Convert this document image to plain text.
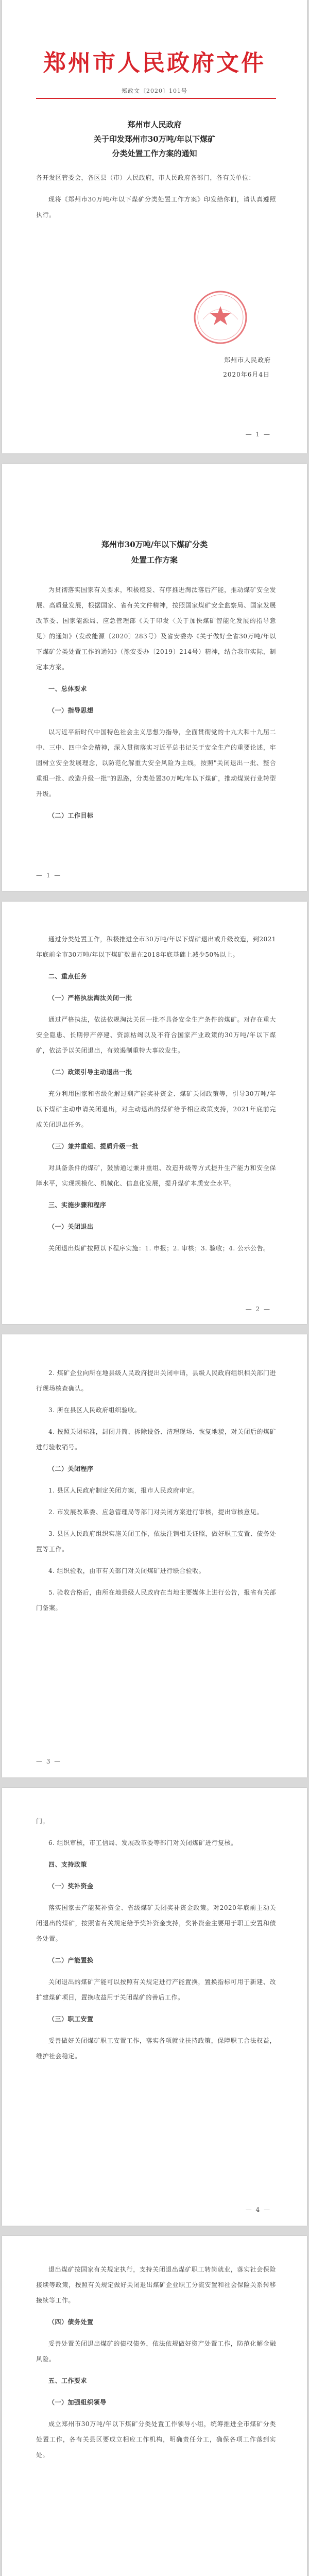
郑州市人民政府文件
郑政文〔2020〕101号
郑州市人民政府
关于印发郑州市30万吨/年以下煤矿
分类处置工作方案的通知

各开发区管委会，各区县（市）人民政府，市人民政府各部门，各有关单位：

现将《郑州市30万吨/年以下煤矿分类处置工作方案》印发给你们，请认真遵照执行。

郑州市人民政府
2020年6月4日
— 1 —
郑州市30万吨/年以下煤矿分类
处置工作方案

为贯彻落实国家有关要求，积极稳妥、有序推进淘汰落后产能，推动煤矿安全发展、高质量发展，根据国家、省有关文件精神，按照国家煤矿安全监察局、国家发展改革委、国家能源局、应急管理部《关于印发〈关于加快煤矿智能化发展的指导意见〉的通知》（发改能源〔2020〕283号）及省安委办《关于做好全省30万吨/年以下煤矿分类处置工作的通知》（豫安委办〔2019〕214号）精神，结合我市实际，制定本方案。

一、总体要求

（一）指导思想

以习近平新时代中国特色社会主义思想为指导，全面贯彻党的十九大和十九届二中、三中、四中全会精神，深入贯彻落实习近平总书记关于安全生产的重要论述，牢固树立安全发展理念，以防范化解重大安全风险为主线，按照"关闭退出一批、整合重组一批、改造升级一批"的思路，分类处置30万吨/年以下煤矿，推动煤炭行业转型升级。

（二）工作目标

— 1 —

通过分类处置工作，积极推进全市30万吨/年以下煤矿退出或升级改造，到2021年底前全市30万吨/年以下煤矿数量在2018年底基础上减少50%以上。

二、重点任务

（一）严格执法淘汰关闭一批

通过严格执法，依法依规淘汰关闭一批不具备安全生产条件的煤矿。对存在重大安全隐患、长期停产停建、资源枯竭以及不符合国家产业政策的30万吨/年以下煤矿，依法予以关闭退出，有效遏制重特大事故发生。

（二）政策引导主动退出一批

充分利用国家和省级化解过剩产能奖补资金、煤矿关闭政策等，引导30万吨/年以下煤矿主动申请关闭退出，对主动退出的煤矿给予相应政策支持，2021年底前完成关闭退出任务。

（三）兼并重组、提质升级一批

对具备条件的煤矿，鼓励通过兼并重组、改造升级等方式提升生产能力和安全保障水平，实现规模化、机械化、信息化发展，提升煤矿本质安全水平。

三、实施步骤和程序

（一）关闭退出

关闭退出煤矿按照以下程序实施：1. 申报；2. 审核；3. 验收；4. 公示公告。

— 2 —

2. 煤矿企业向所在地县级人民政府提出关闭申请，县级人民政府组织相关部门进行现场核查确认。

3. 所在县区人民政府组织验收。

4. 按照关闭标准，封闭井筒、拆除设备、清理现场、恢复地貌，对关闭后的煤矿进行验收销号。

（二）关闭程序

1. 县区人民政府制定关闭方案，报市人民政府审定。

2. 市发展改革委、应急管理局等部门对关闭方案进行审核，提出审核意见。

3. 县区人民政府组织实施关闭工作，依法注销相关证照，做好职工安置、债务处置等工作。

4. 组织验收，由市有关部门对关闭煤矿进行联合验收。

5. 验收合格后，由所在地县级人民政府在当地主要媒体上进行公告，报省有关部门备案。

— 3 —

门。

6. 组织审核，市工信局、发展改革委等部门对关闭煤矿进行复核。

四、支持政策

（一）奖补资金

落实国家去产能奖补资金、省级煤矿关闭奖补资金政策。对2020年底前主动关闭退出的煤矿，按照省有关规定给予奖补资金支持，奖补资金主要用于职工安置和债务处置。

（二）产能置换

关闭退出的煤矿产能可以按照有关规定进行产能置换，置换指标可用于新建、改扩建煤矿项目，置换收益用于关闭煤矿的善后工作。

（三）职工安置

妥善做好关闭煤矿职工安置工作，落实各项就业扶持政策，保障职工合法权益，维护社会稳定。

— 4 —

退出煤矿按国家有关规定执行，支持关闭退出煤矿职工转岗就业，落实社会保险接续等政策，按照有关规定做好关闭退出煤矿企业职工分流安置和社会保险关系转移接续等工作。

（四）债务处置

妥善处置关闭退出煤矿的债权债务，依法依规做好资产处置工作，防范化解金融风险。

五、工作要求

（一）加强组织领导

成立郑州市30万吨/年以下煤矿分类处置工作领导小组，统筹推进全市煤矿分类处置工作，各有关县区要成立相应工作机构，明确责任分工，确保各项工作落到实处。
